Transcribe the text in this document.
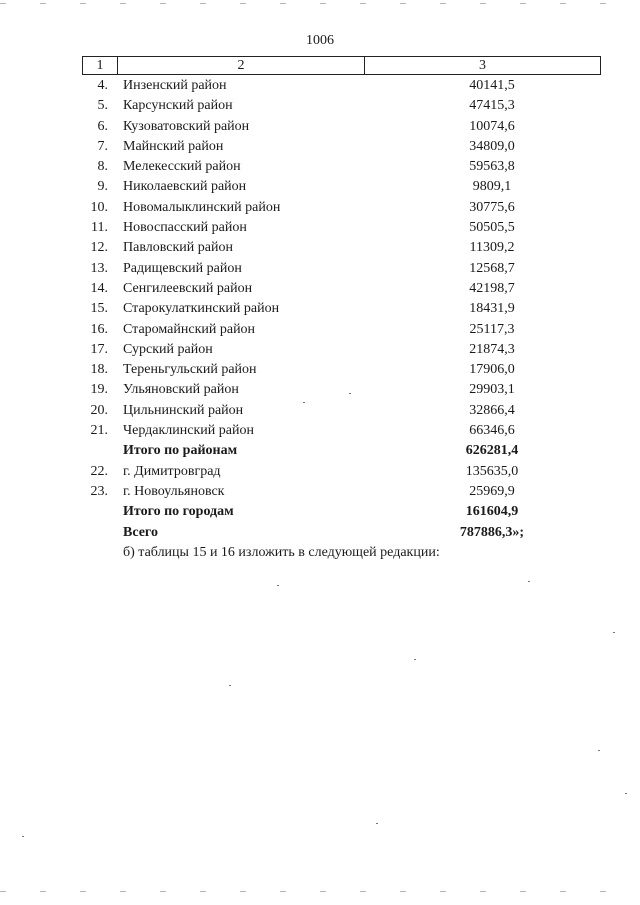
1006
1	2	3
4. Инзенский район	40141,5
5. Карсунский район	47415,3
6. Кузоватовский район	10074,6
7. Майнский район	34809,0
8. Мелекесский район	59563,8
9. Николаевский район	9809,1
10. Новомалыклинский район	30775,6
11. Новоспасский район	50505,5
12. Павловский район	11309,2
13. Радищевский район	12568,7
14. Сенгилеевский район	42198,7
15. Старокулаткинский район	18431,9
16. Старомайнский район	25117,3
17. Сурский район	21874,3
18. Тереньгульский район	17906,0
19. Ульяновский район	29903,1
20. Цильнинский район	32866,4
21. Чердаклинский район	66346,6
Итого по районам	626281,4
22. г. Димитровград	135635,0
23. г. Новоульяновск	25969,9
Итого по городам	161604,9
Всего	787886,3»;
б) таблицы 15 и 16 изложить в следующей редакции:
